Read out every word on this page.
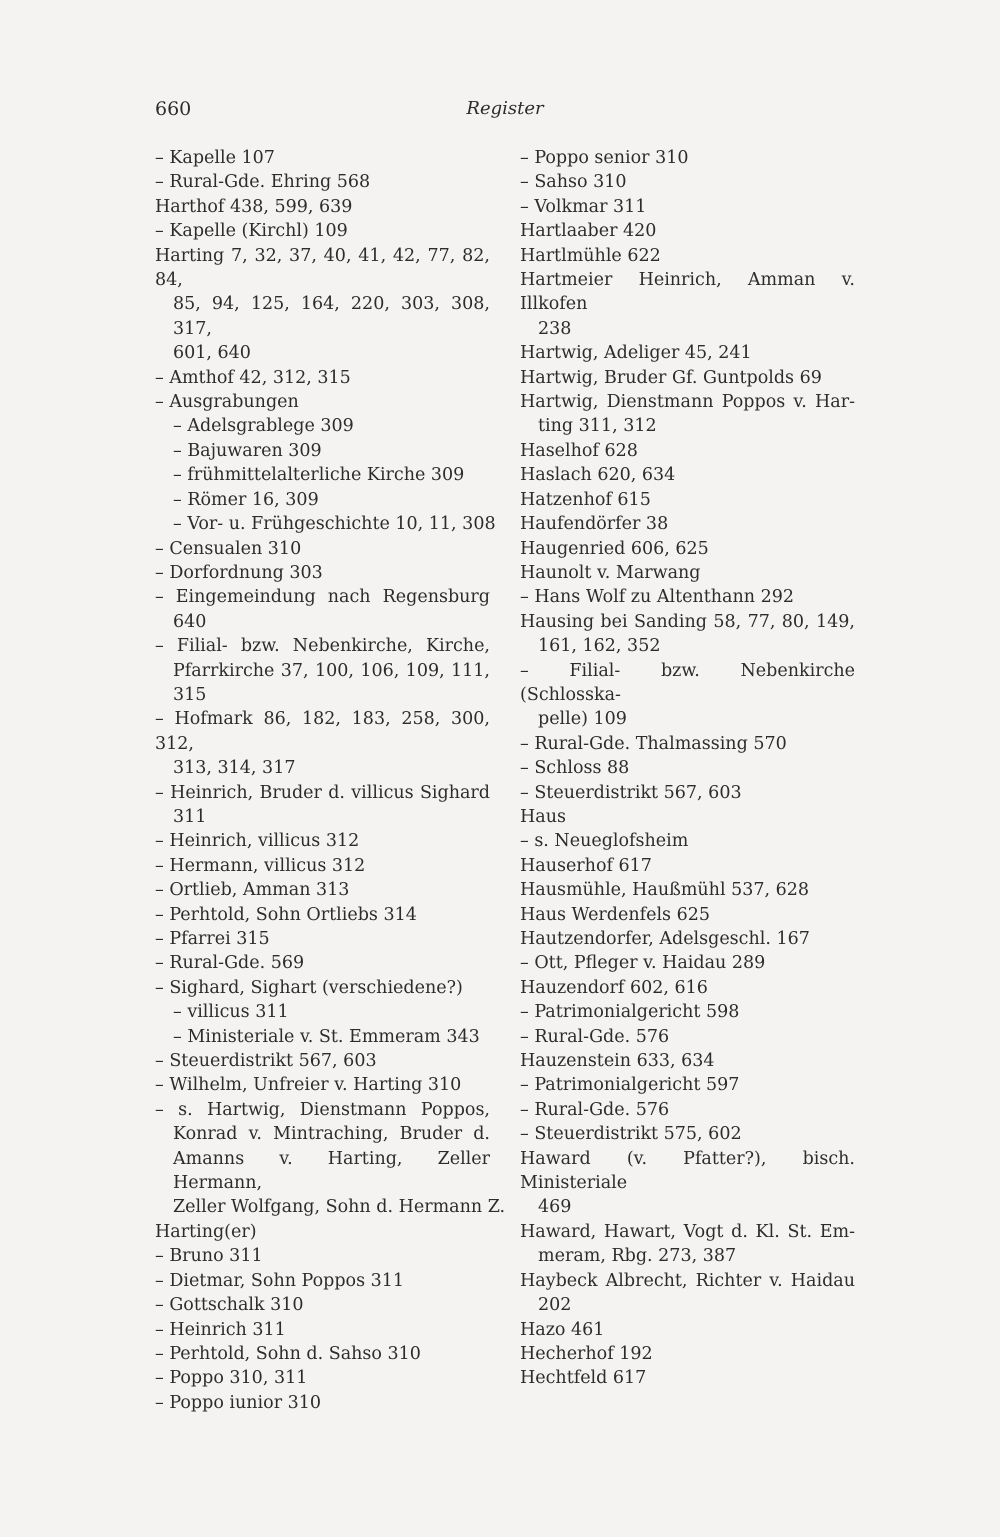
660	Register
– Kapelle 107
– Rural-Gde. Ehring 568
Harthof 438, 599, 639
– Kapelle (Kirchl) 109
Harting 7, 32, 37, 40, 41, 42, 77, 82, 84,
85, 94, 125, 164, 220, 303, 308, 317,
601, 640
– Amthof 42, 312, 315
– Ausgrabungen
– Adelsgrablege 309
– Bajuwaren 309
– frühmittelalterliche Kirche 309
– Römer 16, 309
– Vor- u. Frühgeschichte 10, 11, 308
– Censualen 310
– Dorfordnung 303
– Eingemeindung nach Regensburg
640
– Filial- bzw. Nebenkirche, Kirche,
Pfarrkirche 37, 100, 106, 109, 111,
315
– Hofmark 86, 182, 183, 258, 300, 312,
313, 314, 317
– Heinrich, Bruder d. villicus Sighard
311
– Heinrich, villicus 312
– Hermann, villicus 312
– Ortlieb, Amman 313
– Perhtold, Sohn Ortliebs 314
– Pfarrei 315
– Rural-Gde. 569
– Sighard, Sighart (verschiedene?)
– villicus 311
– Ministeriale v. St. Emmeram 343
– Steuerdistrikt 567, 603
– Wilhelm, Unfreier v. Harting 310
– s. Hartwig, Dienstmann Poppos,
Konrad v. Mintraching, Bruder d.
Amanns v. Harting, Zeller Hermann,
Zeller Wolfgang, Sohn d. Hermann Z.
Harting(er)
– Bruno 311
– Dietmar, Sohn Poppos 311
– Gottschalk 310
– Heinrich 311
– Perhtold, Sohn d. Sahso 310
– Poppo 310, 311
– Poppo iunior 310
– Poppo senior 310
– Sahso 310
– Volkmar 311
Hartlaaber 420
Hartlmühle 622
Hartmeier Heinrich, Amman v. Illkofen
238
Hartwig, Adeliger 45, 241
Hartwig, Bruder Gf. Guntpolds 69
Hartwig, Dienstmann Poppos v. Har-
ting 311, 312
Haselhof 628
Haslach 620, 634
Hatzenhof 615
Haufendörfer 38
Haugenried 606, 625
Haunolt v. Marwang
– Hans Wolf zu Altenthann 292
Hausing bei Sanding 58, 77, 80, 149,
161, 162, 352
– Filial- bzw. Nebenkirche (Schlosska-
pelle) 109
– Rural-Gde. Thalmassing 570
– Schloss 88
– Steuerdistrikt 567, 603
Haus
– s. Neueglofsheim
Hauserhof 617
Hausmühle, Haußmühl 537, 628
Haus Werdenfels 625
Hautzendorfer, Adelsgeschl. 167
– Ott, Pfleger v. Haidau 289
Hauzendorf 602, 616
– Patrimonialgericht 598
– Rural-Gde. 576
Hauzenstein 633, 634
– Patrimonialgericht 597
– Rural-Gde. 576
– Steuerdistrikt 575, 602
Haward (v. Pfatter?), bisch. Ministeriale
469
Haward, Hawart, Vogt d. Kl. St. Em-
meram, Rbg. 273, 387
Haybeck Albrecht, Richter v. Haidau
202
Hazo 461
Hecherhof 192
Hechtfeld 617
